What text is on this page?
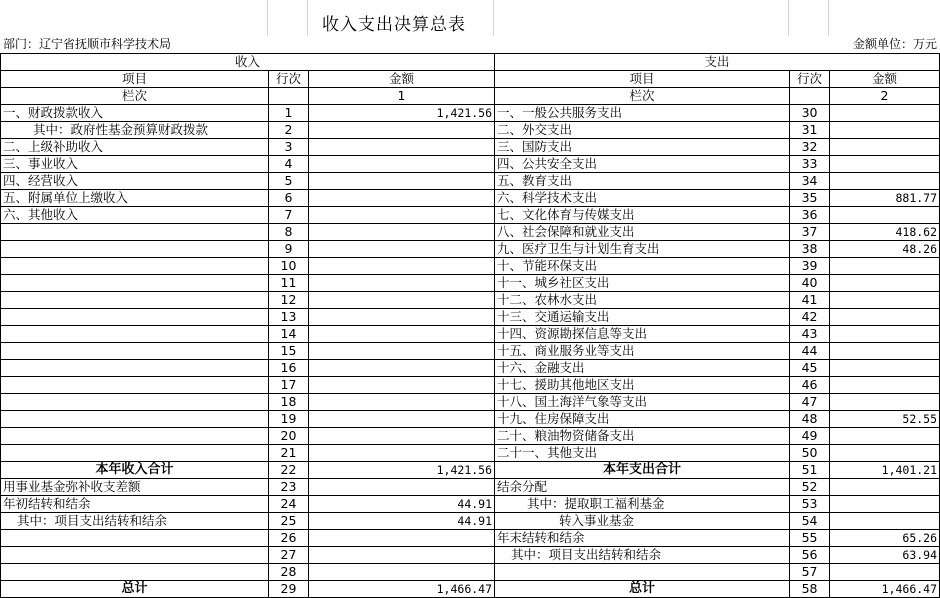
收入支出决算总表
部门：辽宁省抚顺市科学技术局	金额单位：万元
收入			支出		
项目	行次	金额	项目	行次	金额
栏次		1	栏次		2
一、财政拨款收入	1	1,421.56	一、一般公共服务支出	30	
其中：政府性基金预算财政拨款	2		二、外交支出	31	
二、上级补助收入	3		三、国防支出	32	
三、事业收入	4		四、公共安全支出	33	
四、经营收入	5		五、教育支出	34	
五、附属单位上缴收入	6		六、科学技术支出	35	881.77
六、其他收入	7		七、文化体育与传媒支出	36	
	8		八、社会保障和就业支出	37	418.62
	9		九、医疗卫生与计划生育支出	38	48.26
	10		十、节能环保支出	39	
	11		十一、城乡社区支出	40	
	12		十二、农林水支出	41	
	13		十三、交通运输支出	42	
	14		十四、资源勘探信息等支出	43	
	15		十五、商业服务业等支出	44	
	16		十六、金融支出	45	
	17		十七、援助其他地区支出	46	
	18		十八、国土海洋气象等支出	47	
	19		十九、住房保障支出	48	52.55
	20		二十、粮油物资储备支出	49	
	21		二十一、其他支出	50	
本年收入合计	22	1,421.56	本年支出合计	51	1,401.21
用事业基金弥补收支差额	23		结余分配	52	
年初结转和结余	24	44.91	其中：提取职工福利基金	53	
其中：项目支出结转和结余	25	44.91	转入事业基金	54	
	26		年末结转和结余	55	65.26
	27		其中：项目支出结转和结余	56	63.94
	28			57	
总计	29	1,466.47	总计	58	1,466.47
